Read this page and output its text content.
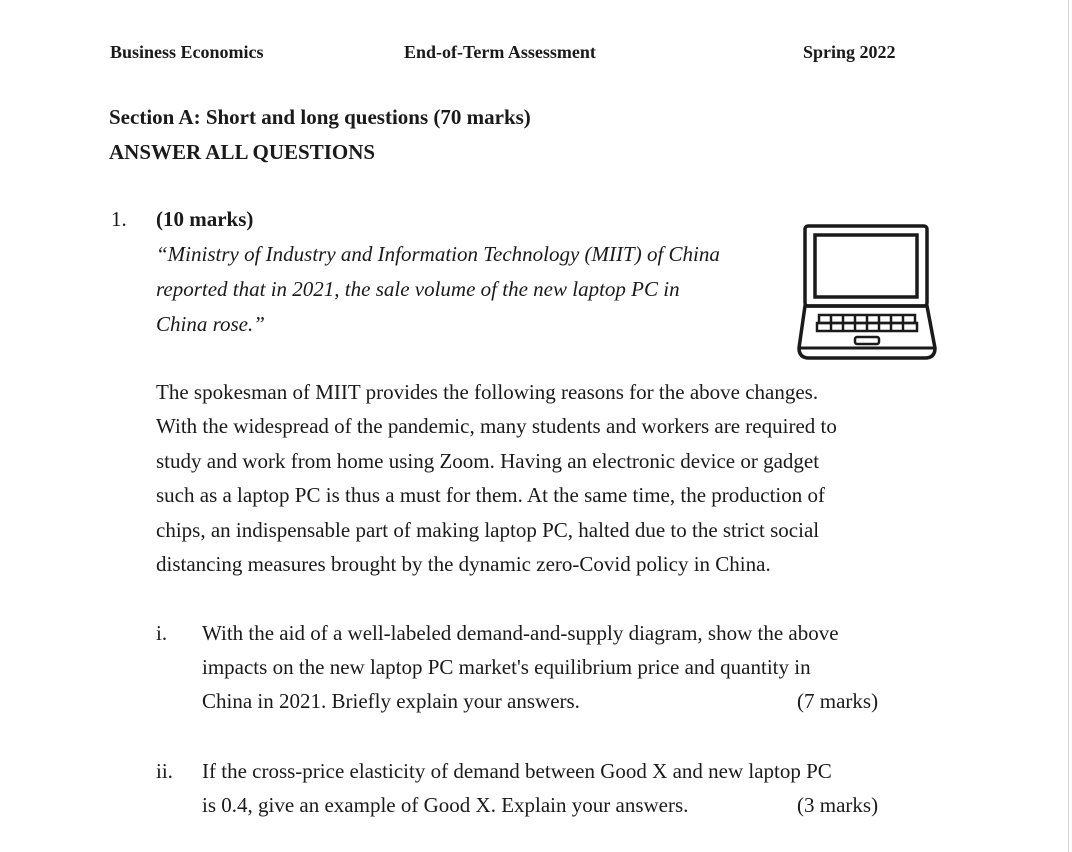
Business Economics	End-of-Term Assessment	Spring 2022
Section A: Short and long questions (70 marks)
ANSWER ALL QUESTIONS
1. (10 marks)
“Ministry of Industry and Information Technology (MIIT) of China
reported that in 2021, the sale volume of the new laptop PC in
China rose.”
The spokesman of MIIT provides the following reasons for the above changes.
With the widespread of the pandemic, many students and workers are required to
study and work from home using Zoom. Having an electronic device or gadget
such as a laptop PC is thus a must for them. At the same time, the production of
chips, an indispensable part of making laptop PC, halted due to the strict social
distancing measures brought by the dynamic zero-Covid policy in China.
i. With the aid of a well-labeled demand-and-supply diagram, show the above
impacts on the new laptop PC market's equilibrium price and quantity in
China in 2021. Briefly explain your answers.	(7 marks)
ii. If the cross-price elasticity of demand between Good X and new laptop PC
is 0.4, give an example of Good X. Explain your answers.	(3 marks)
